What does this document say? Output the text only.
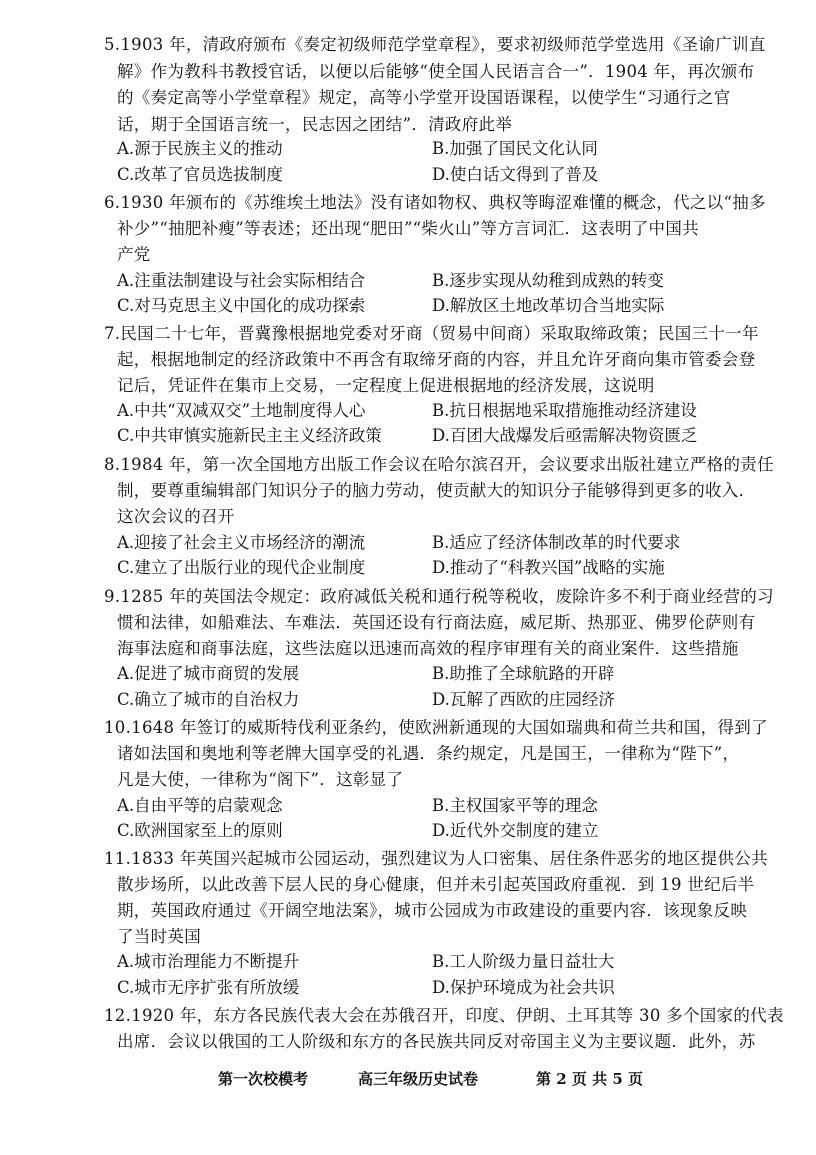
5.1903 年，清政府颁布《奏定初级师范学堂章程》，要求初级师范学堂选用《圣谕广训直
解》作为教科书教授官话，以便以后能够“使全国人民语言合一”．1904 年，再次颁布
的《奏定高等小学堂章程》规定，高等小学堂开设国语课程，以使学生“习通行之官
话，期于全国语言统一，民志因之团结”．清政府此举
A.源于民族主义的推动	B.加强了国民文化认同
C.改革了官员选拔制度	D.使白话文得到了普及
6.1930 年颁布的《苏维埃土地法》没有诸如物权、典权等晦涩难懂的概念，代之以“抽多
补少”“抽肥补瘦”等表述；还出现“肥田”“柴火山”等方言词汇．这表明了中国共
产党
A.注重法制建设与社会实际相结合	B.逐步实现从幼稚到成熟的转变
C.对马克思主义中国化的成功探索	D.解放区土地改革切合当地实际
7.民国二十七年，晋冀豫根据地党委对牙商（贸易中间商）采取取缔政策；民国三十一年
起，根据地制定的经济政策中不再含有取缔牙商的内容，并且允许牙商向集市管委会登
记后，凭证件在集市上交易，一定程度上促进根据地的经济发展，这说明
A.中共“双减双交”土地制度得人心	B.抗日根据地采取措施推动经济建设
C.中共审慎实施新民主主义经济政策	D.百团大战爆发后亟需解决物资匮乏
8.1984 年，第一次全国地方出版工作会议在哈尔滨召开，会议要求出版社建立严格的责任
制，要尊重编辑部门知识分子的脑力劳动，使贡献大的知识分子能够得到更多的收入．
这次会议的召开
A.迎接了社会主义市场经济的潮流	B.适应了经济体制改革的时代要求
C.建立了出版行业的现代企业制度	D.推动了“科教兴国”战略的实施
9.1285 年的英国法令规定：政府减低关税和通行税等税收，废除许多不利于商业经营的习
惯和法律，如船难法、车难法．英国还设有行商法庭，威尼斯、热那亚、佛罗伦萨则有
海事法庭和商事法庭，这些法庭以迅速而高效的程序审理有关的商业案件．这些措施
A.促进了城市商贸的发展	B.助推了全球航路的开辟
C.确立了城市的自治权力	D.瓦解了西欧的庄园经济
10.1648 年签订的威斯特伐利亚条约，使欧洲新通现的大国如瑞典和荷兰共和国，得到了
诸如法国和奥地利等老牌大国享受的礼遇．条约规定，凡是国王，一律称为“陛下”，
凡是大使，一律称为“阁下”．这彰显了
A.自由平等的启蒙观念	B.主权国家平等的理念
C.欧洲国家至上的原则	D.近代外交制度的建立
11.1833 年英国兴起城市公园运动，强烈建议为人口密集、居住条件恶劣的地区提供公共
散步场所，以此改善下层人民的身心健康，但并未引起英国政府重视．到 19 世纪后半
期，英国政府通过《开阔空地法案》，城市公园成为市政建设的重要内容．该现象反映
了当时英国
A.城市治理能力不断提升	B.工人阶级力量日益壮大
C.城市无序扩张有所放缓	D.保护环境成为社会共识
12.1920 年，东方各民族代表大会在苏俄召开，印度、伊朗、土耳其等 30 多个国家的代表
出席．会议以俄国的工人阶级和东方的各民族共同反对帝国主义为主要议题．此外，苏
第一次校模考	高三年级历史试卷	第 2 页 共 5 页
